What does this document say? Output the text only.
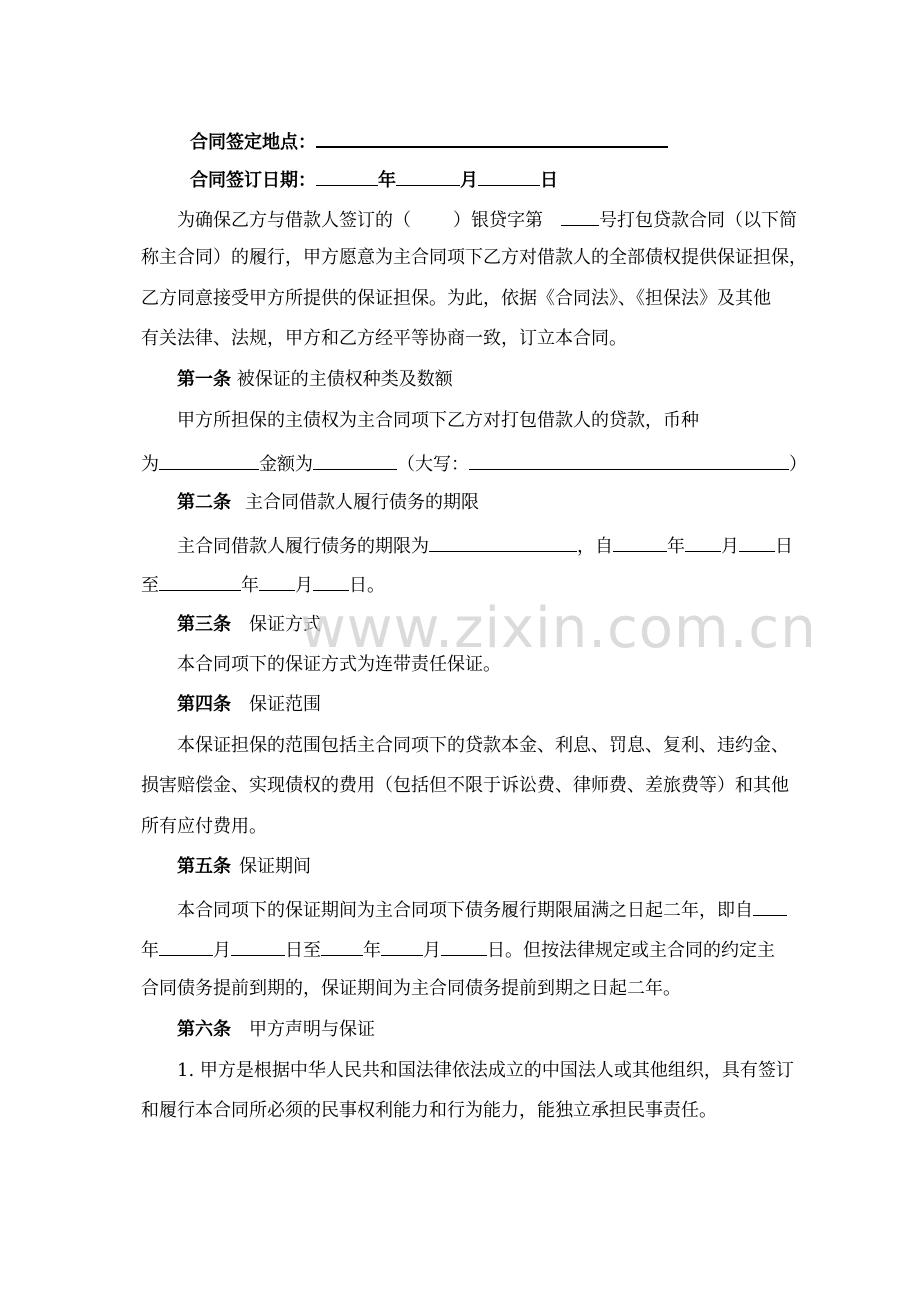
合同签定地点：
合同签订日期：	年	月	日
为确保乙方与借款人签订的（ ）银贷字第	号打包贷款合同（以下简
称主合同）的履行，甲方愿意为主合同项下乙方对借款人的全部债权提供保证担保，
乙方同意接受甲方所提供的保证担保。为此，依据《合同法》、《担保法》及其他
有关法律、法规，甲方和乙方经平等协商一致，订立本合同。
第一条 被保证的主债权种类及数额
甲方所担保的主债权为主合同项下乙方对打包借款人的贷款，币种
为	金额为	（大写：	）
第二条 主合同借款人履行债务的期限
主合同借款人履行债务的期限为	，自	年 月 日
至	年 月 日。
第三条 保证方式
本合同项下的保证方式为连带责任保证。
第四条 保证范围
本保证担保的范围包括主合同项下的贷款本金、利息、罚息、复利、违约金、
损害赔偿金、实现债权的费用（包括但不限于诉讼费、律师费、差旅费等）和其他
所有应付费用。
第五条 保证期间
本合同项下的保证期间为主合同项下债务履行期限届满之日起二年，即自
年	月	日至 年 月	日。但按法律规定或主合同的约定主
合同债务提前到期的，保证期间为主合同债务提前到期之日起二年。
第六条 甲方声明与保证
1. 甲方是根据中华人民共和国法律依法成立的中国法人或其他组织，具有签订
和履行本合同所必须的民事权利能力和行为能力，能独立承担民事责任。
www.zixin.com.cn
